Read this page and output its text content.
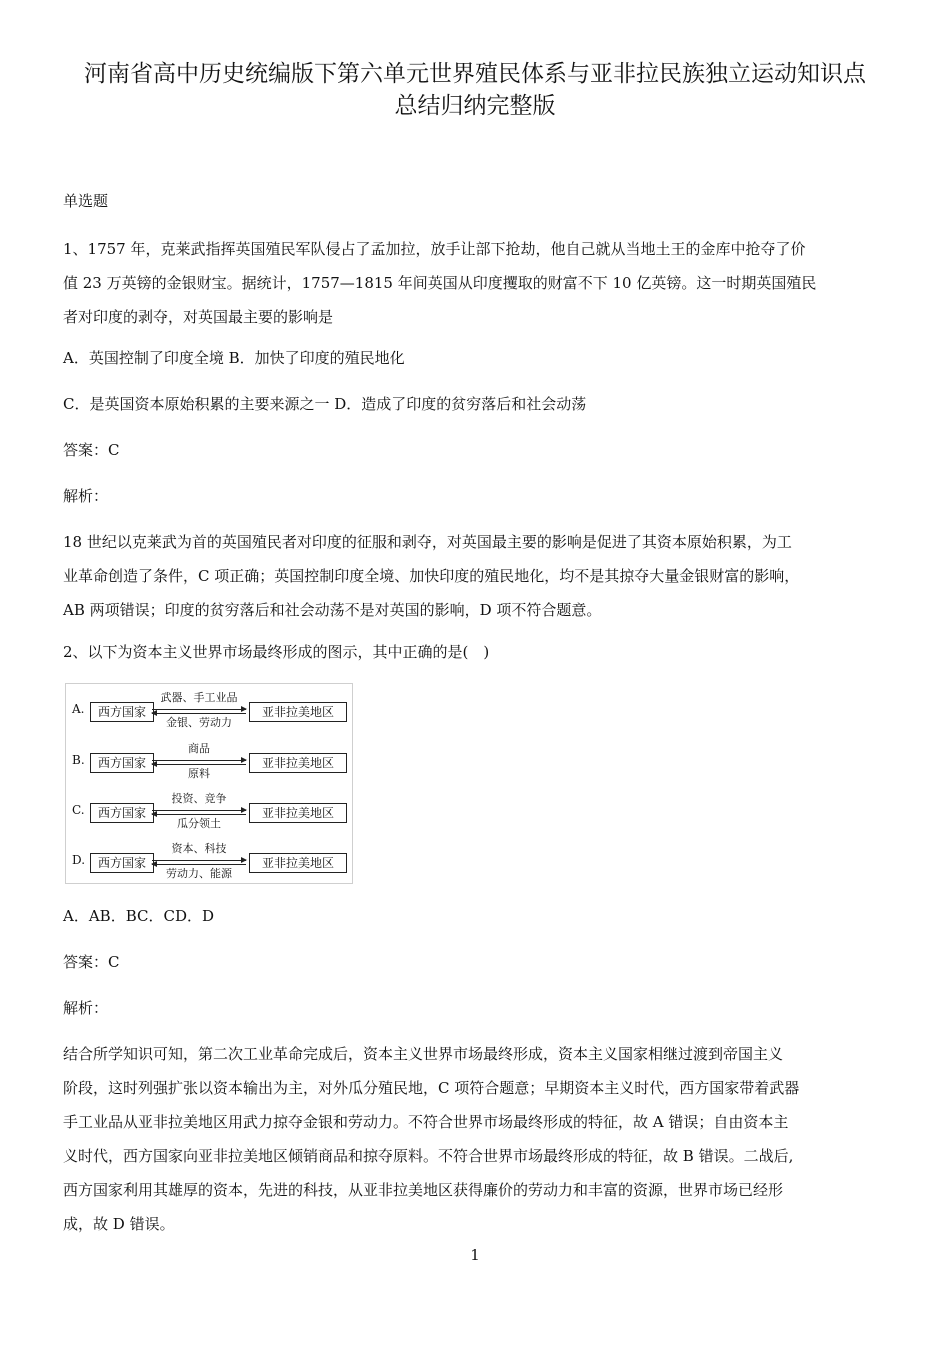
河南省高中历史统编版下第六单元世界殖民体系与亚非拉民族独立运动知识点
总结归纳完整版
单选题
1、1757 年，克莱武指挥英国殖民军队侵占了孟加拉，放手让部下抢劫，他自己就从当地土王的金库中抢夺了价
值 23 万英镑的金银财宝。据统计，1757—1815 年间英国从印度攫取的财富不下 10 亿英镑。这一时期英国殖民
者对印度的剥夺，对英国最主要的影响是
A．英国控制了印度全境 B．加快了印度的殖民地化
C．是英国资本原始积累的主要来源之一 D．造成了印度的贫穷落后和社会动荡
答案：C
解析：
18 世纪以克莱武为首的英国殖民者对印度的征服和剥夺，对英国最主要的影响是促进了其资本原始积累，为工
业革命创造了条件，C 项正确；英国控制印度全境、加快印度的殖民地化，均不是其掠夺大量金银财富的影响，
AB 两项错误；印度的贫穷落后和社会动荡不是对英国的影响，D 项不符合题意。
2、以下为资本主义世界市场最终形成的图示，其中正确的是(　)
A.	西方国家
武器、手工业品
金银、劳动力
亚非拉美地区
B.	西方国家
商品
原料
亚非拉美地区
C.	西方国家
投资、竞争
瓜分领土
亚非拉美地区
D.	西方国家
资本、科技
劳动力、能源
亚非拉美地区
A．AB．BC．CD．D
答案：C
解析：
结合所学知识可知，第二次工业革命完成后，资本主义世界市场最终形成，资本主义国家相继过渡到帝国主义
阶段，这时列强扩张以资本输出为主，对外瓜分殖民地，C 项符合题意；早期资本主义时代，西方国家带着武器
手工业品从亚非拉美地区用武力掠夺金银和劳动力。不符合世界市场最终形成的特征，故 A 错误；自由资本主
义时代，西方国家向亚非拉美地区倾销商品和掠夺原料。不符合世界市场最终形成的特征，故 B 错误。二战后,
西方国家利用其雄厚的资本，先进的科技，从亚非拉美地区获得廉价的劳动力和丰富的资源，世界市场已经形
成，故 D 错误。
1
